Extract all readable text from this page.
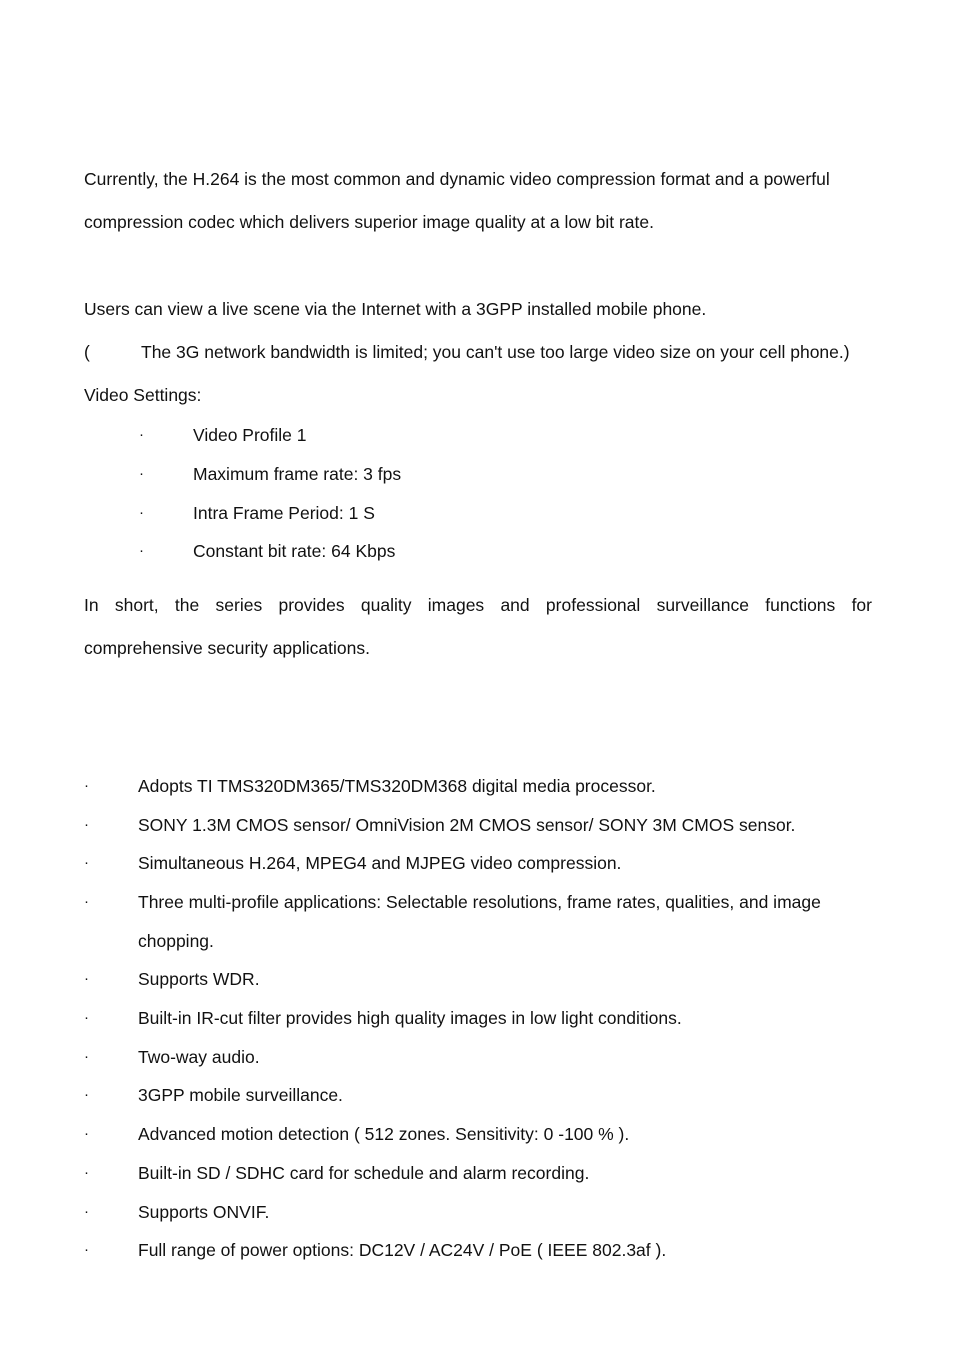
Currently, the H.264 is the most common and dynamic video compression format and a powerful
compression codec which delivers superior image quality at a low bit rate.
Users can view a live scene via the Internet with a 3GPP installed mobile phone.
(	The 3G network bandwidth is limited; you can't use too large video size on your cell phone.)
Video Settings:
·	Video Profile 1
·	Maximum frame rate: 3 fps
·	Intra Frame Period: 1 S
·	Constant bit rate: 64 Kbps
In short, the series provides quality images and professional surveillance functions for
comprehensive security applications.
·	Adopts TI TMS320DM365/TMS320DM368 digital media processor.
·	SONY 1.3M CMOS sensor/ OmniVision 2M CMOS sensor/ SONY 3M CMOS sensor.
·	Simultaneous H.264, MPEG4 and MJPEG video compression.
·	Three multi-profile applications: Selectable resolutions, frame rates, qualities, and image
chopping.
·	Supports WDR.
·	Built-in IR-cut filter provides high quality images in low light conditions.
·	Two-way audio.
·	3GPP mobile surveillance.
·	Advanced motion detection ( 512 zones. Sensitivity: 0 -100 % ).
·	Built-in SD / SDHC card for schedule and alarm recording.
·	Supports ONVIF.
·	Full range of power options: DC12V / AC24V / PoE ( IEEE 802.3af ).
